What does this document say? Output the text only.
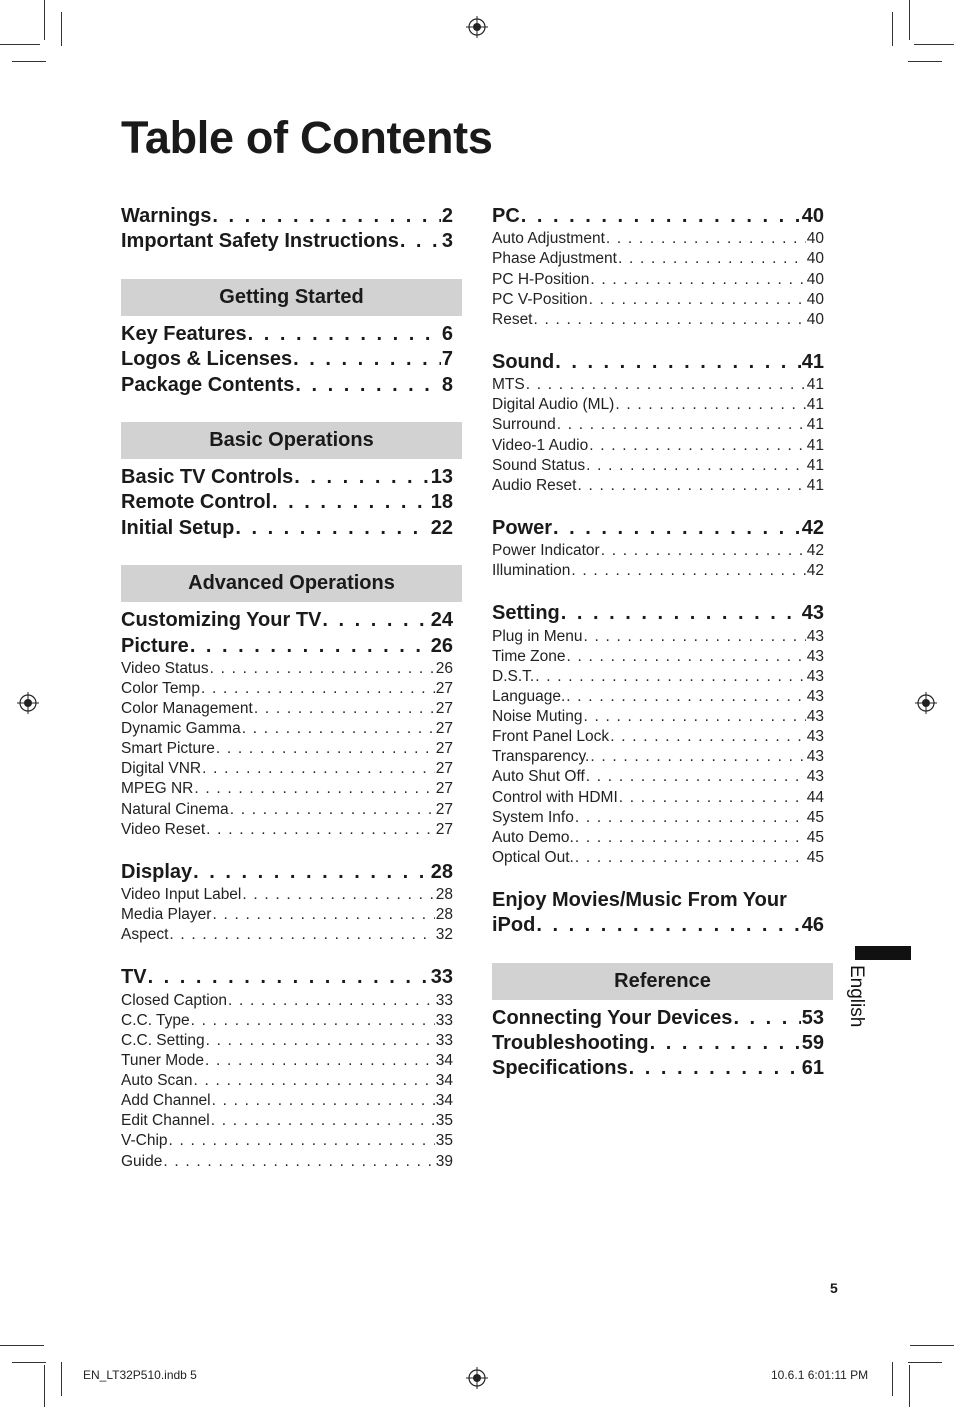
Table of Contents
Warnings . . .	2
Important Safety Instructions . . . 3
Getting Started
Key Features . . .	6
Logos & Licenses . . .	7
Package Contents . . .	8
Basic Operations
Basic TV Controls . . .	13
Remote Control . . .	18
Initial Setup . . .	22
Advanced Operations
Customizing Your TV . . .	24
Picture . . .	26
Video Status . . .	26
Color Temp . . .	27
Color Management . . .	27
Dynamic Gamma . . .	27
Smart Picture . . .	27
Digital VNR . . .	27
MPEG NR . . .	27
Natural Cinema . . .	27
Video Reset . . .	27
Display . . .	28
Video Input Label . . .	28
Media Player . . .	28
Aspect . . .	32
TV . . .	33
Closed Caption . . .	33
C.C. Type . . .	33
C.C. Setting . . .	33
Tuner Mode . . .	34
Auto Scan . . .	34
Add Channel . . .	34
Edit Channel . . .	35
V-Chip . . .	35
Guide . . .	39
PC . . .	40
Auto Adjustment . . .	40
Phase Adjustment . . .	40
PC H-Position . . .	40
PC V-Position . . .	40
Reset . . .	40
Sound . . .	41
MTS . . .	41
Digital Audio (ML) . . .	41
Surround . . .	41
Video-1 Audio . . .	41
Sound Status . . .	41
Audio Reset . . .	41
Power . . .	42
Power Indicator . . .	42
Illumination . . .	42
Setting . . .	43
Plug in Menu . . .	43
Time Zone . . .	43
D.S.T. . . .	43
Language. . . .	43
Noise Muting . . .	43
Front Panel Lock . . .	43
Transparency. . . .	43
Auto Shut Off . . .	43
Control with HDMI . . .	44
System Info . . .	45
Auto Demo. . . .	45
Optical Out. . . .	45
Enjoy Movies/Music From Your
iPod . . .	46
Reference
Connecting Your Devices . . .	53
Troubleshooting . . .	59
Specifications . . .	61
English
5
EN_LT32P510.indb 5	10.6.1 6:01:11 PM
